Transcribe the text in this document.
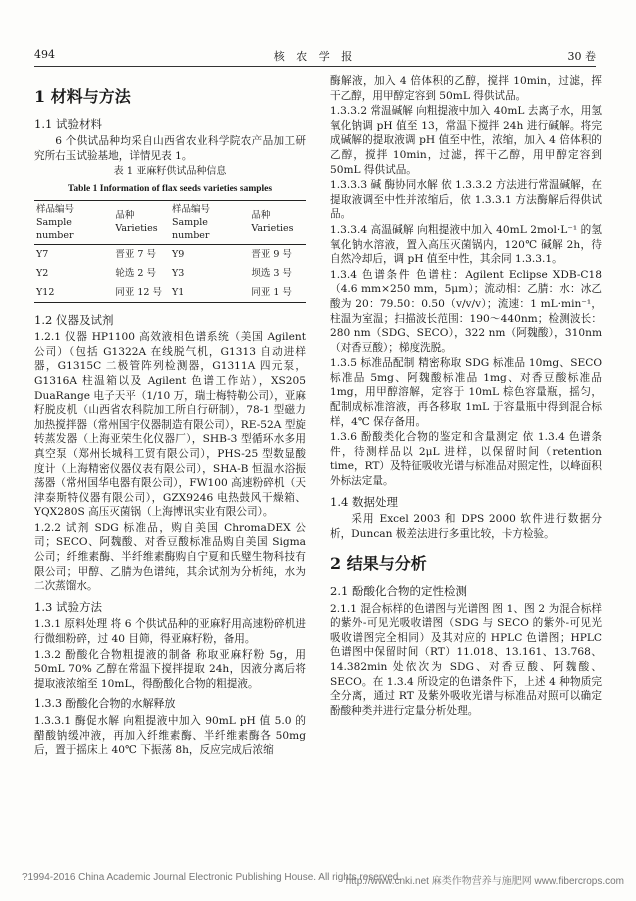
494	核 农 学 报	30 卷
1 材料与方法
1.1 试验材料

6 个供试品种均采自山西省农业科学院农产品加工研究所右玉试验基地，详情见表 1。

表 1 亚麻籽供试品种信息
Table 1 Information of flax seeds varieties samples
样品编号 Sample number	品种 Varieties	样品编号 Sample number	品种 Varieties
Y7	晋亚 7 号	Y9	晋亚 9 号
Y2	轮选 2 号	Y3	坝选 3 号
Y12	同亚 12 号	Y1	同亚 1 号
1.2 仪器及试剂

1.2.1 仪器 HP1100 高效液相色谱系统（美国 Agilent 公司）（包括 G1322A 在线脱气机，G1313 自动进样器，G1315C 二极管阵列检测器，G1311A 四元泵，G1316A 柱温箱以及 Agilent 色谱工作站），XS205 DuaRange 电子天平（1/10 万，瑞士梅特勒公司），亚麻籽脱皮机（山西省农科院加工所自行研制），78-1 型磁力加热搅拌器（常州国宇仪器制造有限公司），RE-52A 型旋转蒸发器（上海亚荣生化仪器厂），SHB-3 型循环水多用真空泵（郑州长城科工贸有限公司），PHS-25 型数显酸度计（上海精密仪器仪表有限公司），SHA-B 恒温水浴振荡器（常州国华电器有限公司），FW100 高速粉碎机（天津泰斯特仪器有限公司），GZX9246 电热鼓风干燥箱、YQX280S 高压灭菌锅（上海博讯实业有限公司）。

1.2.2 试剂 SDG 标准品，购自美国 ChromaDEX 公司；SECO、阿魏酸、对香豆酸标准品购自美国 Sigma 公司；纤维素酶、半纤维素酶购自宁夏和氏璧生物科技有限公司；甲醇、乙腈为色谱纯，其余试剂为分析纯，水为二次蒸馏水。

1.3 试验方法

1.3.1 原料处理 将 6 个供试品种的亚麻籽用高速粉碎机进行微细粉碎，过 40 目筛，得亚麻籽粉，备用。

1.3.2 酚酸化合物粗提液的制备 称取亚麻籽粉 5g，用 50mL 70% 乙醇在常温下搅拌提取 24h，因液分离后将提取液浓缩至 10mL，得酚酸化合物的粗提液。

1.3.3 酚酸化合物的水解释放

1.3.3.1 酶促水解 向粗提液中加入 90mL pH 值 5.0 的醋酸钠缓冲液，再加入纤维素酶、半纤维素酶各 50mg 后，置于摇床上 40℃ 下振荡 8h，反应完成后浓缩

酶解液，加入 4 倍体积的乙醇，搅拌 10min，过滤，挥干乙醇，用甲醇定容到 50mL 得供试品。

1.3.3.2 常温碱解 向粗提液中加入 40mL 去离子水，用氢氧化钠调 pH 值至 13，常温下搅拌 24h 进行碱解。将完成碱解的提取液调 pH 值至中性，浓缩，加入 4 倍体积的乙醇，搅拌 10min，过滤，挥干乙醇，用甲醇定容到 50mL 得供试品。

1.3.3.3 碱 酶协同水解 依 1.3.3.2 方法进行常温碱解，在提取液调至中性并浓缩后，依 1.3.3.1 方法酶解后得供试品。

1.3.3.4 高温碱解 向粗提液中加入 40mL 2mol·L⁻¹ 的氢氧化钠水溶液，置入高压灭菌锅内，120℃ 碱解 2h，待自然冷却后，调 pH 值至中性，其余同 1.3.3.1。

1.3.4 色谱条件 色谱柱：Agilent Eclipse XDB-C18（4.6 mm×250 mm，5μm）；流动相：乙腈：水：冰乙酸为 20：79.50：0.50（v/v/v）；流速：1 mL·min⁻¹，柱温为室温；扫描波长范围：190～440nm；检测波长：280 nm（SDG、SECO），322 nm（阿魏酸），310nm（对香豆酸）；梯度洗脱。

1.3.5 标准品配制 精密称取 SDG 标准品 10mg、SECO 标准品 5mg、阿魏酸标准品 1mg、对香豆酸标准品 1mg，用甲醇溶解，定容于 10mL 棕色容量瓶，摇匀，配制成标准溶液，再各移取 1mL 于容量瓶中得到混合标样，4℃ 保存备用。

1.3.6 酚酸类化合物的鉴定和含量测定 依 1.3.4 色谱条件，待测样品以 2μL 进样，以保留时间（retention time，RT）及特征吸收光谱与标准品对照定性，以峰面积外标法定量。

1.4 数据处理

采用 Excel 2003 和 DPS 2000 软件进行数据分析，Duncan 极差法进行多重比较，卡方检验。

2 结果与分析
2.1 酚酸化合物的定性检测

2.1.1 混合标样的色谱图与光谱图 图 1、图 2 为混合标样的紫外-可见光吸收谱图（SDG 与 SECO 的紫外-可见光吸收谱图完全相同）及其对应的 HPLC 色谱图；HPLC 色谱图中保留时间（RT）11.018、13.161、13.768、14.382min 处依次为 SDG、对香豆酸、阿魏酸、SECO。在 1.3.4 所设定的色谱条件下，上述 4 种物质完全分离，通过 RT 及紫外吸收光谱与标准品对照可以确定酚酸种类并进行定量分析处理。

?1994-2016 China Academic Journal Electronic Publishing House. All rights reserved.
http://www.cnki.net 麻类作物营养与施肥网 www.fibercrops.com
